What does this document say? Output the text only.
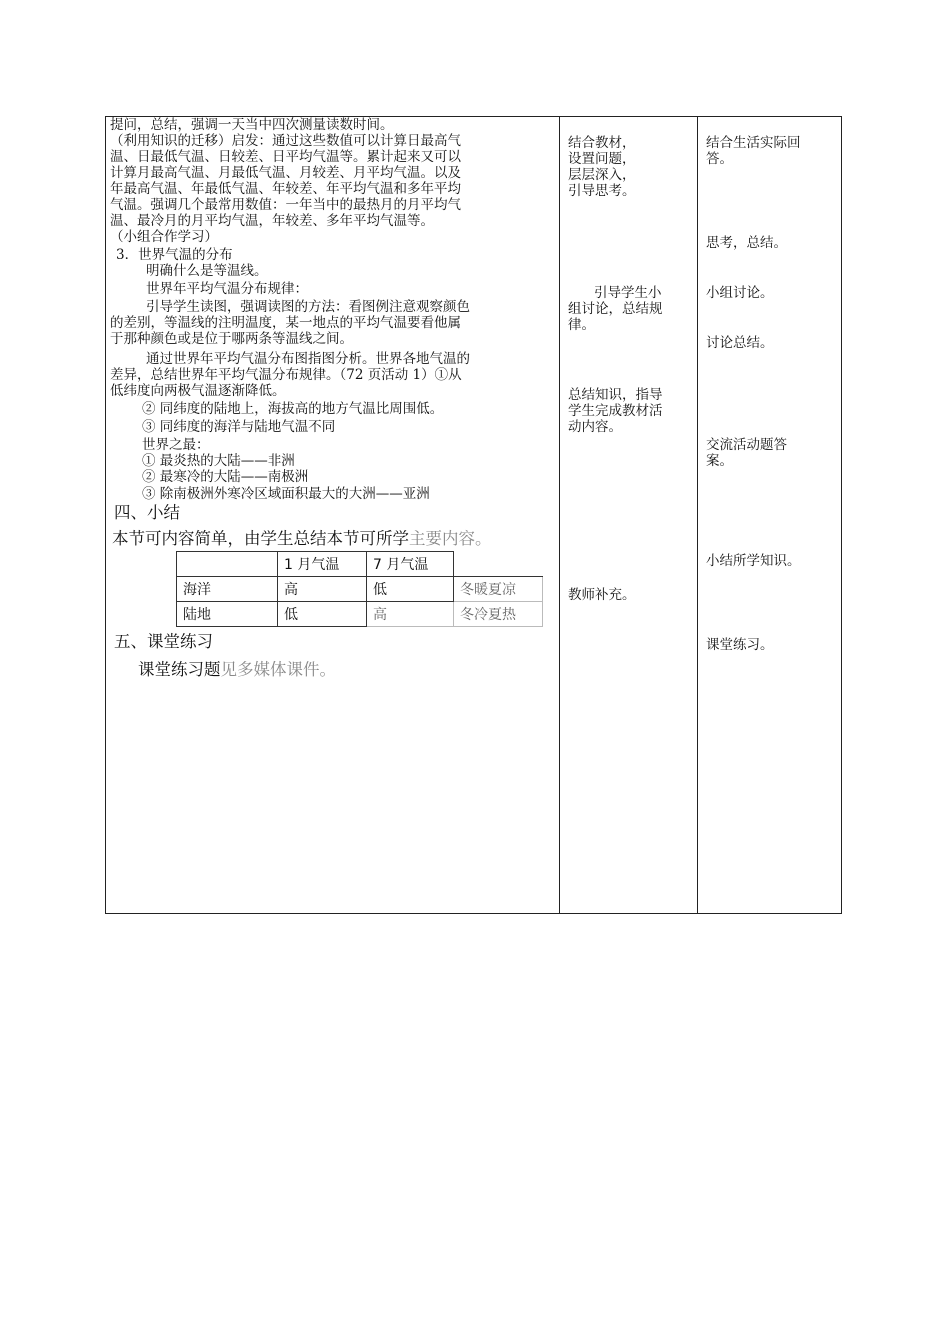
提问，总结，强调一天当中四次测量读数时间。
（利用知识的迁移）启发：通过这些数值可以计算日最高气
温、日最低气温、日较差、日平均气温等。累计起来又可以
计算月最高气温、月最低气温、月较差、月平均气温。以及
年最高气温、年最低气温、年较差、年平均气温和多年平均
气温。强调几个最常用数值：一年当中的最热月的月平均气
温、最冷月的月平均气温，年较差、多年平均气温等。
（小组合作学习）
3．世界气温的分布
明确什么是等温线。
世界年平均气温分布规律：
引导学生读图，强调读图的方法：看图例注意观察颜色
的差别，等温线的注明温度，某一地点的平均气温要看他属
于那种颜色或是位于哪两条等温线之间。
通过世界年平均气温分布图指图分析。世界各地气温的
差异，总结世界年平均气温分布规律。（72 页活动 1）①从
低纬度向两极气温逐渐降低。
② 同纬度的陆地上，海拔高的地方气温比周围低。
③ 同纬度的海洋与陆地气温不同
世界之最：
① 最炎热的大陆——非洲
② 最寒冷的大陆——南极洲
③ 除南极洲外寒冷区域面积最大的大洲——亚洲
四、小结
本节可内容简单，由学生总结本节可所学主要内容。
	1 月气温	7 月气温	
海洋	高	低	冬暖夏凉
陆地	低	高	冬冷夏热
五、课堂练习
课堂练习题见多媒体课件。
结合教材，
设置问题，
层层深入，
引导思考。
引导学生小
组讨论，总结规
律。
总结知识，指导
学生完成教材活
动内容。
教师补充。
结合生活实际回
答。
思考，总结。
小组讨论。
讨论总结。
交流活动题答
案。
小结所学知识。
课堂练习。
